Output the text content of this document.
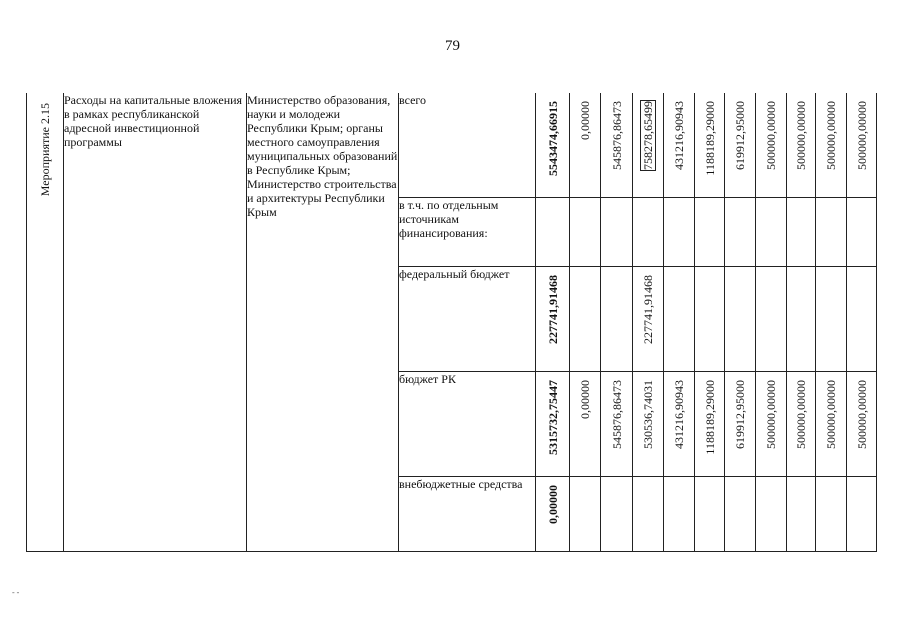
79
Мероприятие 2.15	Расходы на капитальные вложения в рамках республиканской адресной инвестиционной программы	Министерство образования, науки и молодежи Республики Крым; органы местного самоуправления муниципальных образований в Республике Крым; Министерство строительства и архитектуры Республики Крым	всего	5543474,66915	0,00000	545876,86473	758278,65499	431216,90943	1188189,29000	619912,95000	500000,00000	500000,00000	500000,00000	500000,00000
			в т.ч. по отдельным источникам финансирования:											
			федеральный бюджет	227741,91468			227741,91468							
			бюджет РК	5315732,75447	0,00000	545876,86473	530536,74031	431216,90943	1188189,29000	619912,95000	500000,00000	500000,00000	500000,00000	500000,00000
			внебюджетные средства	0,00000										
- -
